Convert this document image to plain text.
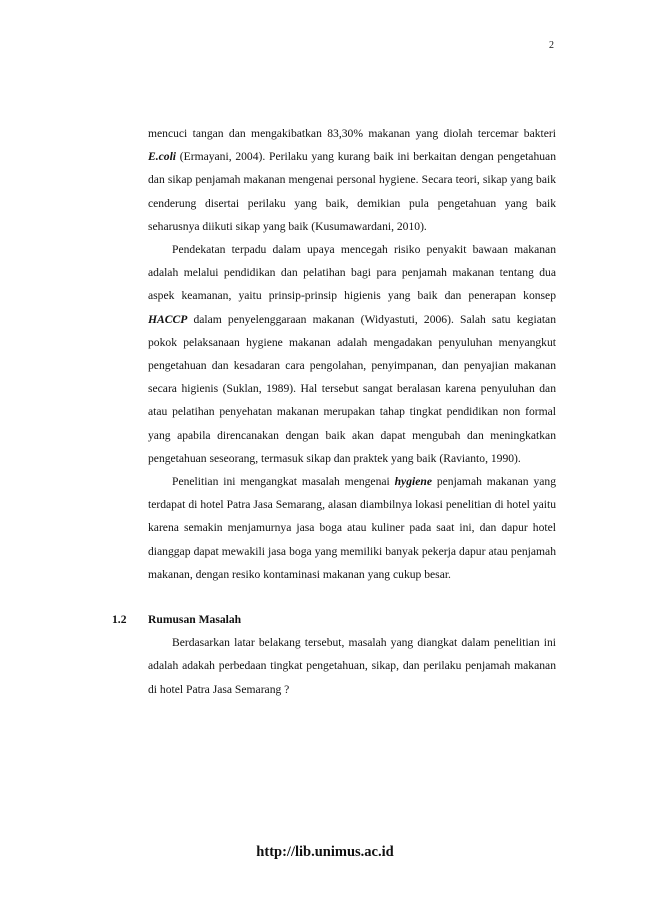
2

mencuci tangan dan mengakibatkan 83,30% makanan yang diolah tercemar bakteri E.coli (Ermayani, 2004). Perilaku yang kurang baik ini berkaitan dengan pengetahuan dan sikap penjamah makanan mengenai personal hygiene. Secara teori, sikap yang baik cenderung disertai perilaku yang baik, demikian pula pengetahuan yang baik seharusnya diikuti sikap yang baik (Kusumawardani, 2010).

Pendekatan terpadu dalam upaya mencegah risiko penyakit bawaan makanan adalah melalui pendidikan dan pelatihan bagi para penjamah makanan tentang dua aspek keamanan, yaitu prinsip-prinsip higienis yang baik dan penerapan konsep HACCP dalam penyelenggaraan makanan (Widyastuti, 2006). Salah satu kegiatan pokok pelaksanaan hygiene makanan adalah mengadakan penyuluhan menyangkut pengetahuan dan kesadaran cara pengolahan, penyimpanan, dan penyajian makanan secara higienis (Suklan, 1989). Hal tersebut sangat beralasan karena penyuluhan dan atau pelatihan penyehatan makanan merupakan tahap tingkat pendidikan non formal yang apabila direncanakan dengan baik akan dapat mengubah dan meningkatkan pengetahuan seseorang, termasuk sikap dan praktek yang baik (Ravianto, 1990).

Penelitian ini mengangkat masalah mengenai hygiene penjamah makanan yang terdapat di hotel Patra Jasa Semarang, alasan diambilnya lokasi penelitian di hotel yaitu karena semakin menjamurnya jasa boga atau kuliner pada saat ini, dan dapur hotel dianggap dapat mewakili jasa boga yang memiliki banyak pekerja dapur atau penjamah makanan, dengan resiko kontaminasi makanan yang cukup besar.

1.2 Rumusan Masalah

Berdasarkan latar belakang tersebut, masalah yang diangkat dalam penelitian ini adalah adakah perbedaan tingkat pengetahuan, sikap, dan perilaku penjamah makanan di hotel Patra Jasa Semarang ?

http://lib.unimus.ac.id
